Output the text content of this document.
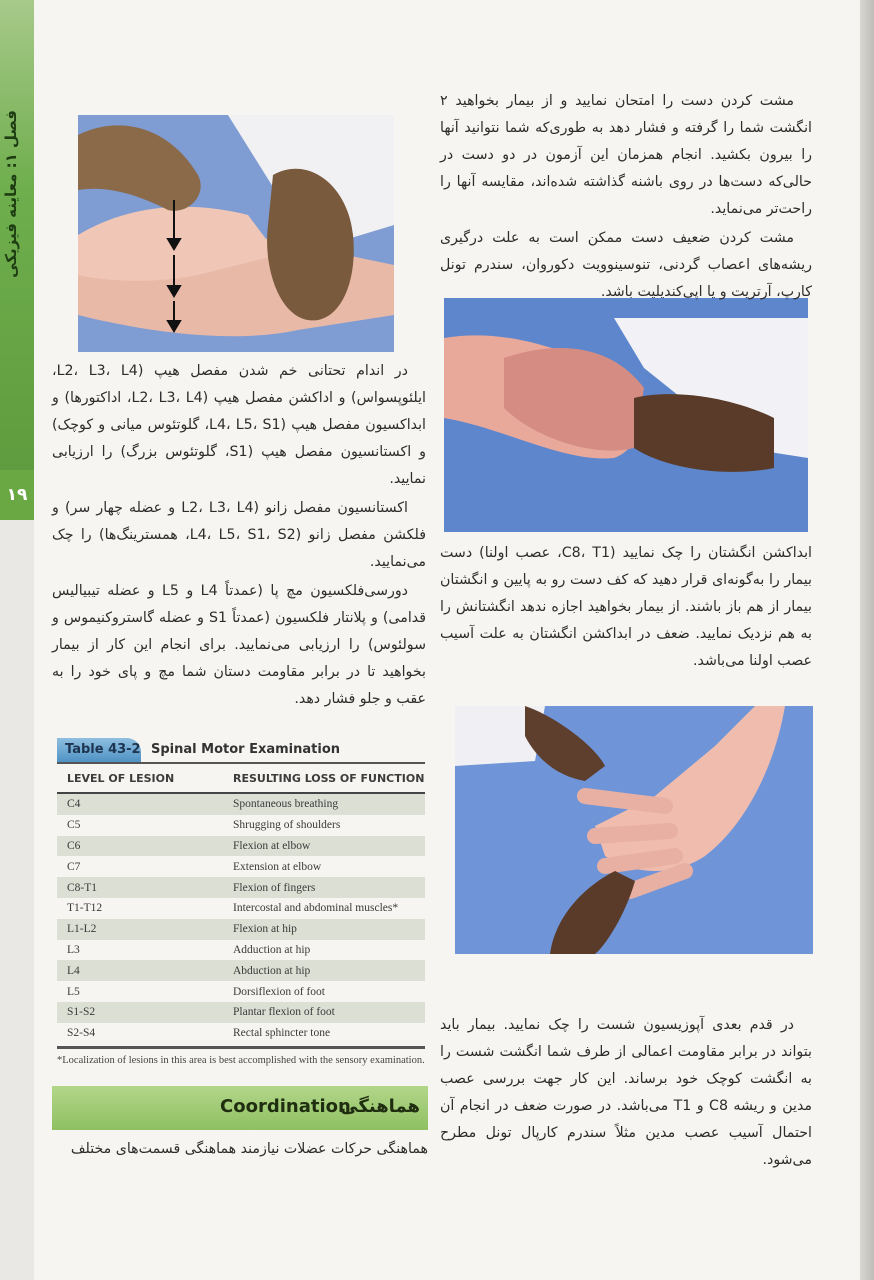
فصل ۱: معاینه فیزیکی
۱۹

مشت کردن دست را امتحان نمایید و از بیمار بخواهید ۲ انگشت شما را گرفته و فشار دهد به طوری‌که شما نتوانید آنها را بیرون بکشید. انجام همزمان این آزمون در دو دست در حالی‌که دست‌ها در روی باشنه گذاشته شده‌اند، مقایسه آنها را راحت‌تر می‌نماید.

مشت کردن ضعیف دست ممکن است به علت درگیری ریشه‌های اعصاب گردنی، تنوسینوویت دکوروان، سندرم تونل کارپ، آرتریت و یا اپی‌کندیلیت باشد.

ابداکشن انگشتان را چک نمایید (C8، T1، عصب اولنا) دست بیمار را به‌گونه‌ای قرار دهید که کف دست رو به پایین و انگشتان بیمار از هم باز باشند. از بیمار بخواهید اجازه ندهد انگشتانش را به هم نزدیک نمایید. ضعف در ابداکشن انگشتان به علت آسیب عصب اولنا می‌باشد.

در قدم بعدی آپوزیسیون شست را چک نمایید. بیمار باید بتواند در برابر مقاومت اعمالی از طرف شما انگشت شست را به انگشت کوچک خود برساند. این کار جهت بررسی عصب مدین و ریشه C8 و T1 می‌باشد. در صورت ضعف در انجام آن احتمال آسیب عصب مدین مثلاً سندرم کارپال تونل مطرح می‌شود.

در اندام تحتانی خم شدن مفصل هیپ (L2، L3، L4، ایلئوپسواس) و اداکشن مفصل هیپ (L2، L3، L4، اداکتورها) و ابداکسیون مفصل هیپ (L4، L5، S1، گلوتئوس میانی و کوچک) و اکستانسیون مفصل هیپ (S1، گلوتئوس بزرگ) را ارزیابی نمایید.

اکستانسیون مفصل زانو (L2، L3، L4 و عضله چهار سر) و فلکشن مفصل زانو (L4، L5، S1، S2، همسترینگ‌ها) را چک می‌نمایید.

دورسی‌فلکسیون مچ پا (عمدتاً L4 و L5 و عضله تیبیالیس قدامی) و پلانتار فلکسیون (عمدتاً S1 و عضله گاستروکنیموس و سولئوس) را ارزیابی می‌نمایید. برای انجام این کار از بیمار بخواهید تا در برابر مقاومت دستان شما مچ و پای خود را به عقب و جلو فشار دهد.

Table 43-2 Spinal Motor Examination
LEVEL OF LESION	RESULTING LOSS OF FUNCTION
C4	Spontaneous breathing
C5	Shrugging of shoulders
C6	Flexion at elbow
C7	Extension at elbow
C8-T1	Flexion of fingers
T1-T12	Intercostal and abdominal muscles*
L1-L2	Flexion at hip
L3	Adduction at hip
L4	Abduction at hip
L5	Dorsiflexion of foot
S1-S2	Plantar flexion of foot
S2-S4	Rectal sphincter tone
*Localization of lesions in this area is best accomplished with the sensory examination.
Coordination
هماهنگی

هماهنگی حرکات عضلات نیازمند هماهنگی قسمت‌های مختلف
